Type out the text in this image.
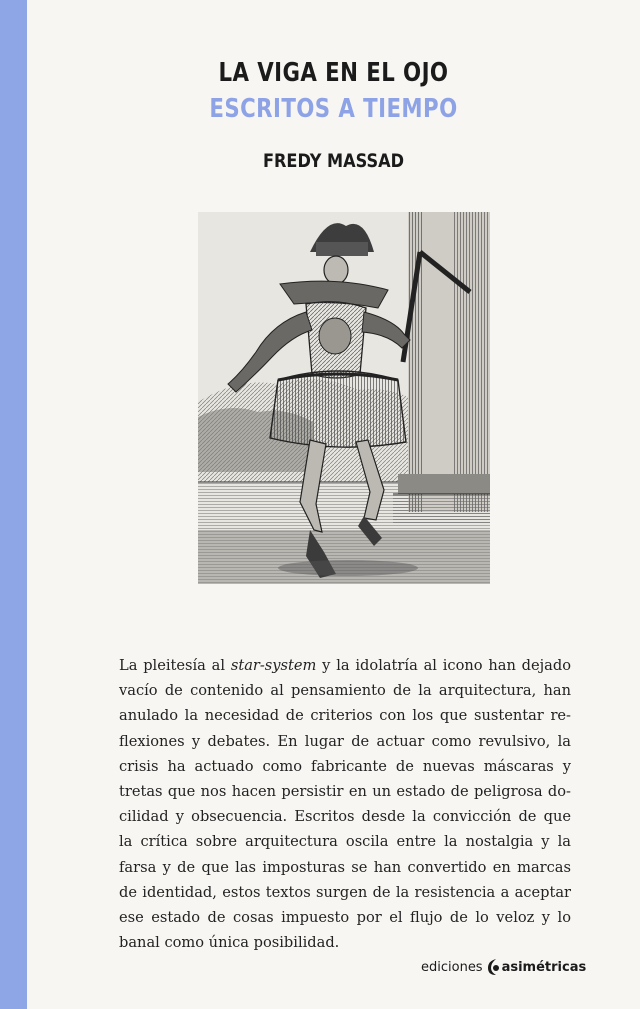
LA VIGA EN EL OJO
ESCRITOS A TIEMPO
FREDY MASSAD
La pleitesía al star-system y la idolatría al icono han dejado
vacío de contenido al pensamiento de la arquitectura, han
anulado la necesidad de criterios con los que sustentar re-
flexiones y debates. En lugar de actuar como revulsivo, la
crisis ha actuado como fabricante de nuevas máscaras y
tretas que nos hacen persistir en un estado de peligrosa do-
cilidad y obsecuencia. Escritos desde la convicción de que
la crítica sobre arquitectura oscila entre la nostalgia y la
farsa y de que las imposturas se han convertido en marcas
de identidad, estos textos surgen de la resistencia a aceptar
ese estado de cosas impuesto por el flujo de lo veloz y lo
banal como única posibilidad.
ediciones asimétricas
